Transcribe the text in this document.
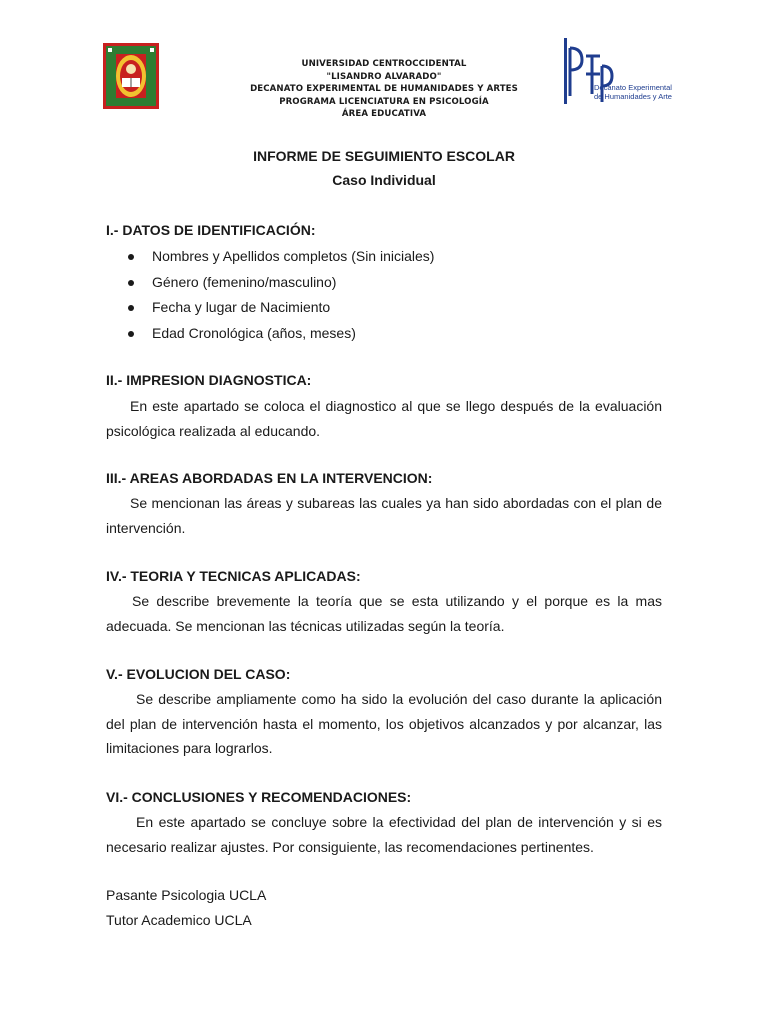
UNIVERSIDAD CENTROCCIDENTAL
"LISANDRO ALVARADO"
DECANATO EXPERIMENTAL DE HUMANIDADES Y ARTES
PROGRAMA LICENCIATURA EN PSICOLOGÍA
ÁREA EDUCATIVA
Decanato Experimental
de Humanidades y Artes
INFORME DE SEGUIMIENTO ESCOLAR
Caso Individual
I.- DATOS DE IDENTIFICACIÓN:
Nombres y Apellidos completos (Sin iniciales)
Género (femenino/masculino)
Fecha y lugar de Nacimiento
Edad Cronológica (años, meses)
II.- IMPRESION DIAGNOSTICA:
En este apartado se coloca el diagnostico al que se llego después de la evaluación psicológica realizada al educando.
III.- AREAS ABORDADAS EN LA INTERVENCION:
Se mencionan las áreas y subareas las cuales ya han sido abordadas con el plan de intervención.
IV.- TEORIA Y TECNICAS APLICADAS:
Se describe brevemente la teoría que se esta utilizando y el porque es la mas adecuada. Se mencionan las técnicas utilizadas según la teoría.
V.- EVOLUCION DEL CASO:
Se describe ampliamente como ha sido la evolución del caso durante la aplicación del plan de intervención hasta el momento, los objetivos alcanzados y por alcanzar, las limitaciones para lograrlos.
VI.- CONCLUSIONES Y RECOMENDACIONES:
En este apartado se concluye sobre la efectividad del plan de intervención y si es necesario realizar ajustes. Por consiguiente, las recomendaciones pertinentes.
Pasante Psicologia UCLA
Tutor Academico UCLA
